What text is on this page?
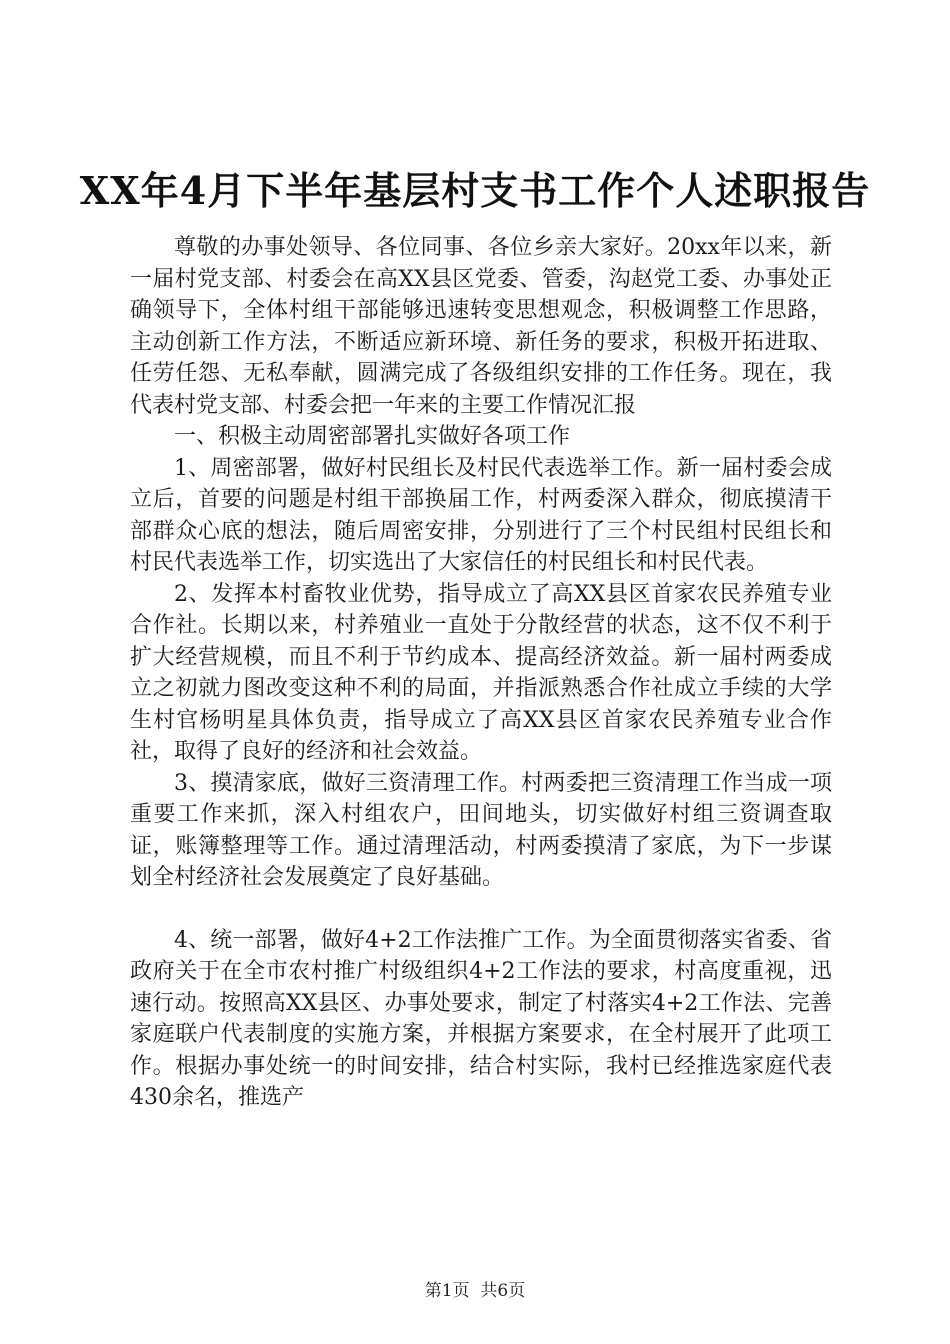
XX年4月下半年基层村支书工作个人述职报告

尊敬的办事处领导、各位同事、各位乡亲大家好。20xx年以来，新一届村党支部、村委会在高XX县区党委、管委，沟赵党工委、办事处正确领导下，全体村组干部能够迅速转变思想观念，积极调整工作思路，主动创新工作方法，不断适应新环境、新任务的要求，积极开拓进取、任劳任怨、无私奉献，圆满完成了各级组织安排的工作任务。现在，我代表村党支部、村委会把一年来的主要工作情况汇报

一、积极主动周密部署扎实做好各项工作

1、周密部署，做好村民组长及村民代表选举工作。新一届村委会成立后，首要的问题是村组干部换届工作，村两委深入群众，彻底摸清干部群众心底的想法，随后周密安排，分别进行了三个村民组村民组长和村民代表选举工作，切实选出了大家信任的村民组长和村民代表。

2、发挥本村畜牧业优势，指导成立了高XX县区首家农民养殖专业合作社。长期以来，村养殖业一直处于分散经营的状态，这不仅不利于扩大经营规模，而且不利于节约成本、提高经济效益。新一届村两委成立之初就力图改变这种不利的局面，并指派熟悉合作社成立手续的大学生村官杨明星具体负责，指导成立了高XX县区首家农民养殖专业合作社，取得了良好的经济和社会效益。

3、摸清家底，做好三资清理工作。村两委把三资清理工作当成一项重要工作来抓，深入村组农户，田间地头，切实做好村组三资调查取证，账簿整理等工作。通过清理活动，村两委摸清了家底，为下一步谋划全村经济社会发展奠定了良好基础。

4、统一部署，做好4+2工作法推广工作。为全面贯彻落实省委、省政府关于在全市农村推广村级组织4+2工作法的要求，村高度重视，迅速行动。按照高XX县区、办事处要求，制定了村落实4+2工作法、完善家庭联户代表制度的实施方案，并根据方案要求，在全村展开了此项工作。根据办事处统一的时间安排，结合村实际，我村已经推选家庭代表430余名，推选产

第1页 共6页
